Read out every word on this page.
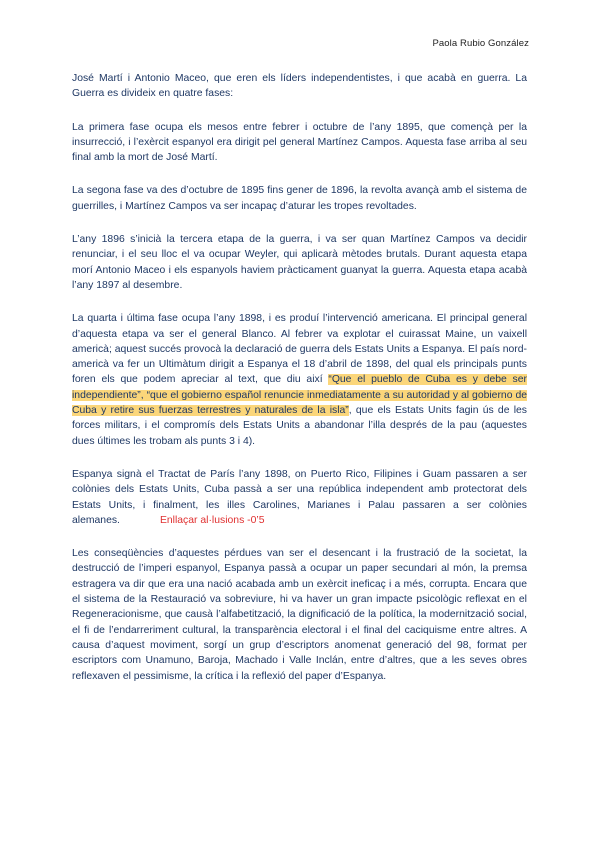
Paola Rubio González

José Martí i Antonio Maceo, que eren els líders independentistes, i que acabà en guerra. La Guerra es divideix en quatre fases:

La primera fase ocupa els mesos entre febrer i octubre de l’any 1895, que començà per la insurrecció, i l’exèrcit espanyol era dirigit pel general Martínez Campos. Aquesta fase arriba al seu final amb la mort de José Martí.

La segona fase va des d’octubre de 1895 fins gener de 1896, la revolta avançà amb el sistema de guerrilles, i Martínez Campos va ser incapaç d’aturar les tropes revoltades.

L’any 1896 s’inicià la tercera etapa de la guerra, i va ser quan Martínez Campos va decidir renunciar, i el seu lloc el va ocupar Weyler, qui aplicarà mètodes brutals. Durant aquesta etapa morí Antonio Maceo i els espanyols haviem pràcticament guanyat la guerra. Aquesta etapa acabà l’any 1897 al desembre.

La quarta i última fase ocupa l’any 1898, i es produí l’intervenció americana. El principal general d’aquesta etapa va ser el general Blanco. Al febrer va explotar el cuirassat Maine, un vaixell americà; aquest succés provocà la declaració de guerra dels Estats Units a Espanya. El país nord-americà va fer un Ultimàtum dirigit a Espanya el 18 d’abril de 1898, del qual els principals punts foren els que podem apreciar al text, que diu així “Que el pueblo de Cuba es y debe ser independiente”, “que el gobierno español renuncie inmediatamente a su autoridad y al gobierno de Cuba y retire sus fuerzas terrestres y naturales de la isla”, que els Estats Units fagin ús de les forces militars, i el compromís dels Estats Units a abandonar l’illa després de la pau (aquestes dues últimes les trobam als punts 3 i 4).

Espanya signà el Tractat de París l’any 1898, on Puerto Rico, Filipines i Guam passaren a ser colònies dels Estats Units, Cuba passà a ser una república independent amb protectorat dels Estats Units, i finalment, les illes Carolines, Marianes i Palau passaren a ser colònies alemanes.	Enllaçar al·lusions -0’5

Les conseqüències d’aquestes pérdues van ser el desencant i la frustració de la societat, la destrucció de l’imperi espanyol, Espanya passà a ocupar un paper secundari al món, la premsa estragera va dir que era una nació acabada amb un exèrcit ineficaç i a més, corrupta. Encara que el sistema de la Restauració va sobreviure, hi va haver un gran impacte psicològic reflexat en el Regeneracionisme, que causà l’alfabetització, la dignificació de la política, la modernització social, el fi de l’endarreriment cultural, la transparència electoral i el final del caciquisme entre altres. A causa d’aquest moviment, sorgí un grup d’escriptors anomenat generació del 98, format per escriptors com Unamuno, Baroja, Machado i Valle Inclán, entre d’altres, que a les seves obres reflexaven el pessimisme, la crítica i la reflexió del paper d’Espanya.
